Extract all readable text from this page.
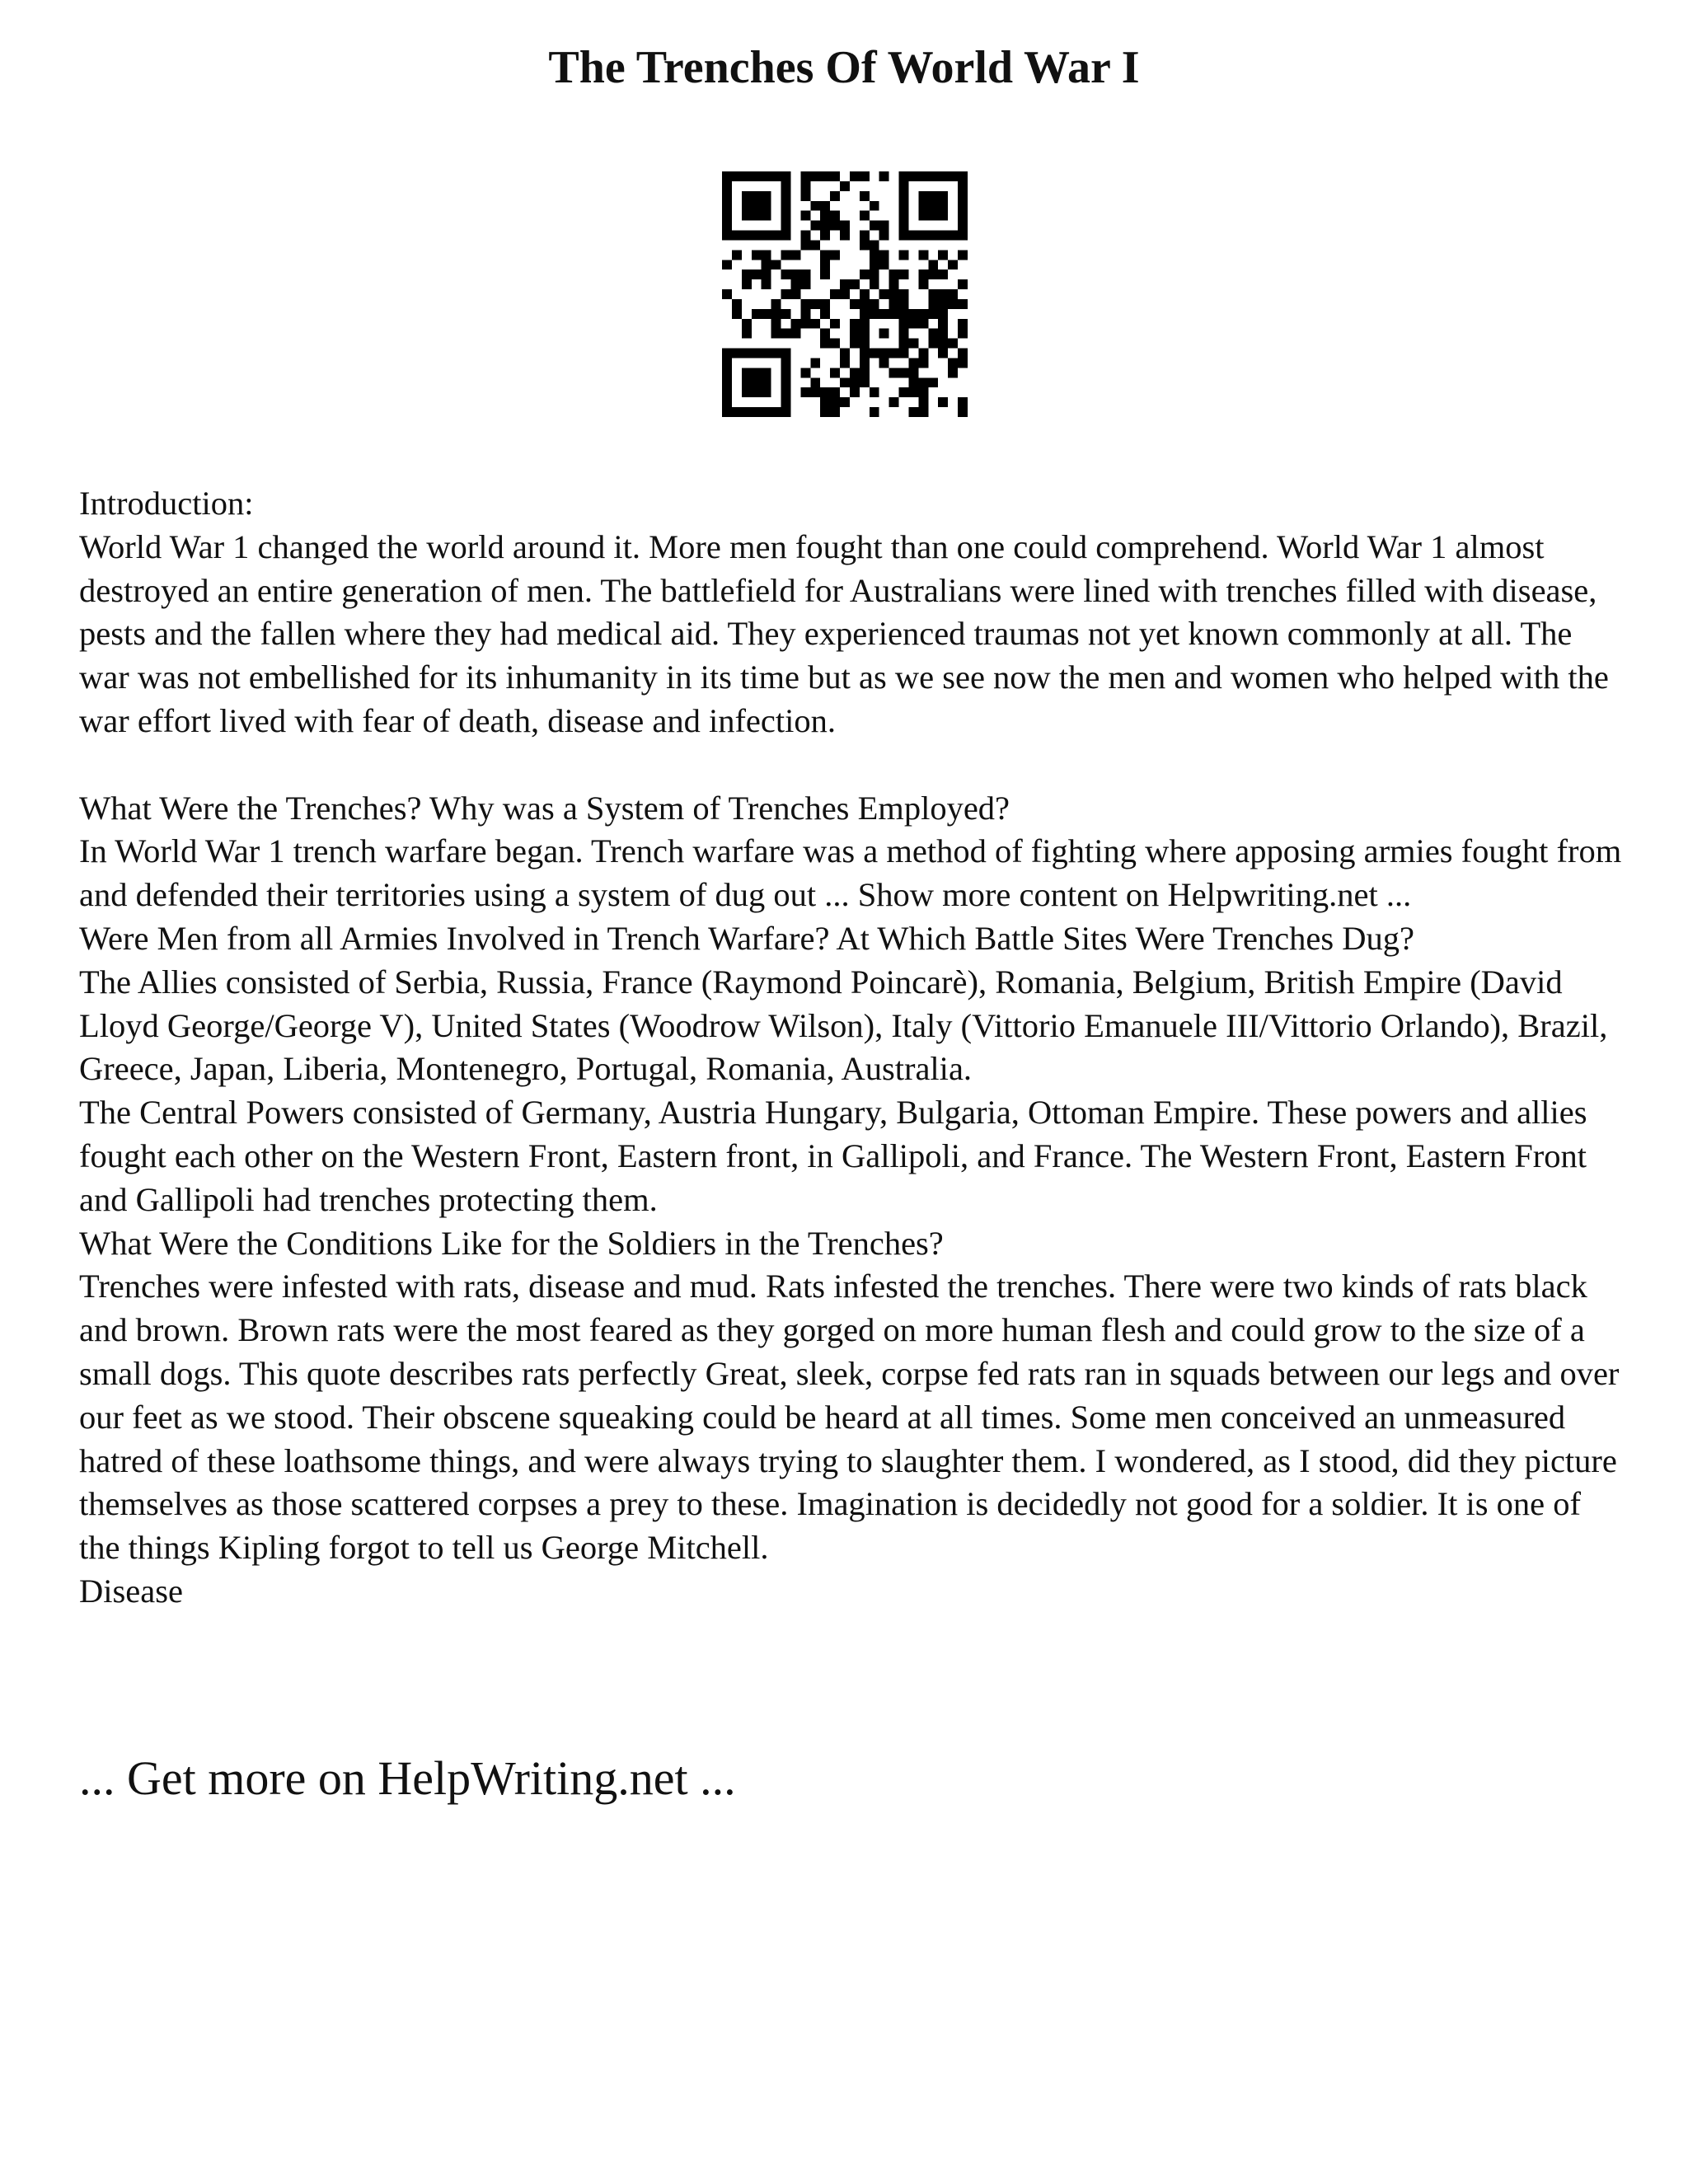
The Trenches Of World War I

Introduction:

World War 1 changed the world around it. More men fought than one could comprehend. World War 1 almost destroyed an entire generation of men. The battlefield for Australians were lined with trenches filled with disease, pests and the fallen where they had medical aid. They experienced traumas not yet known commonly at all. The war was not embellished for its inhumanity in its time but as we see now the men and women who helped with the war effort lived with fear of death, disease and infection.

What Were the Trenches? Why was a System of Trenches Employed?

In World War 1 trench warfare began. Trench warfare was a method of fighting where apposing armies fought from and defended their territories using a system of dug out ... Show more content on Helpwriting.net ...

Were Men from all Armies Involved in Trench Warfare? At Which Battle Sites Were Trenches Dug?

The Allies consisted of Serbia, Russia, France (Raymond Poincarè), Romania, Belgium, British Empire (David Lloyd George/George V), United States (Woodrow Wilson), Italy (Vittorio Emanuele III/Vittorio Orlando), Brazil, Greece, Japan, Liberia, Montenegro, Portugal, Romania, Australia.

The Central Powers consisted of Germany, Austria Hungary, Bulgaria, Ottoman Empire. These powers and allies fought each other on the Western Front, Eastern front, in Gallipoli, and France. The Western Front, Eastern Front and Gallipoli had trenches protecting them.

What Were the Conditions Like for the Soldiers in the Trenches?

Trenches were infested with rats, disease and mud. Rats infested the trenches. There were two kinds of rats black and brown. Brown rats were the most feared as they gorged on more human flesh and could grow to the size of a small dogs. This quote describes rats perfectly Great, sleek, corpse fed rats ran in squads between our legs and over our feet as we stood. Their obscene squeaking could be heard at all times. Some men conceived an unmeasured hatred of these loathsome things, and were always trying to slaughter them. I wondered, as I stood, did they picture themselves as those scattered corpses a prey to these. Imagination is decidedly not good for a soldier. It is one of the things Kipling forgot to tell us George Mitchell.

Disease

... Get more on HelpWriting.net ...
